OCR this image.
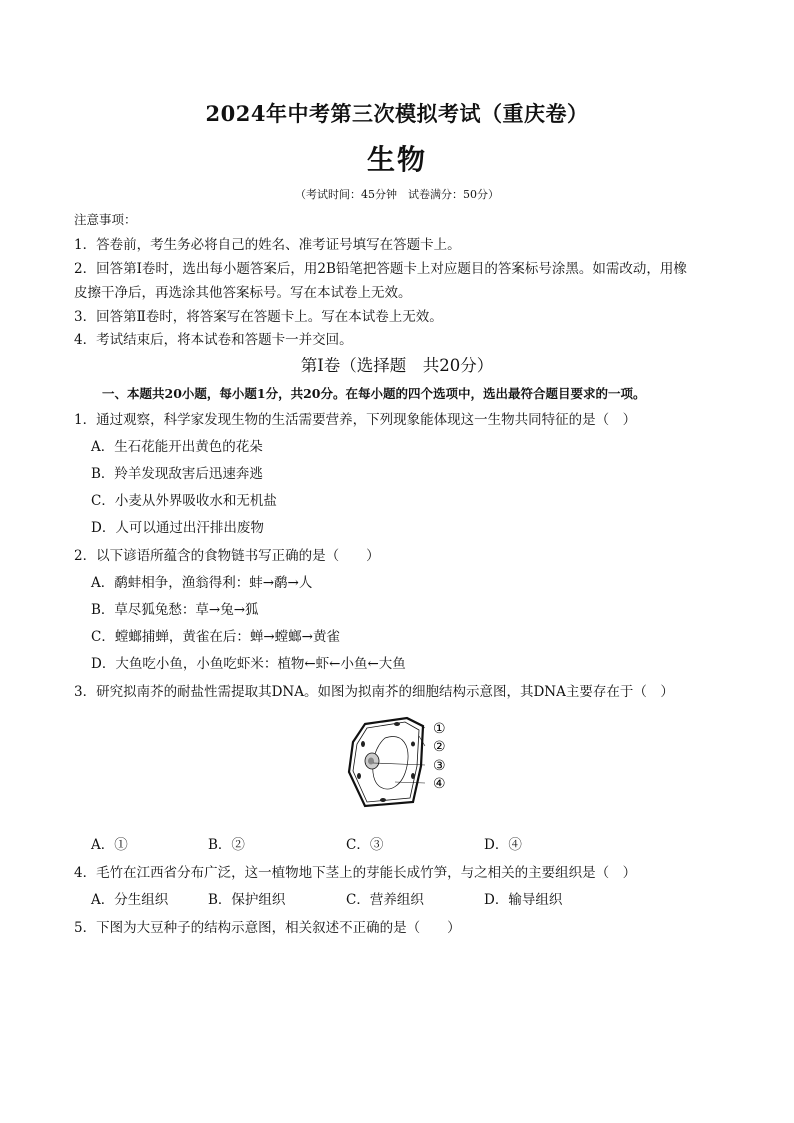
2024年中考第三次模拟考试（重庆卷）
生物
（考试时间：45分钟　试卷满分：50分）
注意事项：
1．答卷前，考生务必将自己的姓名、准考证号填写在答题卡上。
2．回答第Ⅰ卷时，选出每小题答案后，用2B铅笔把答题卡上对应题目的答案标号涂黑。如需改动，用橡
皮擦干净后，再选涂其他答案标号。写在本试卷上无效。
3．回答第Ⅱ卷时，将答案写在答题卡上。写在本试卷上无效。
4．考试结束后，将本试卷和答题卡一并交回。
第Ⅰ卷（选择题　共20分）
一、本题共20小题，每小题1分，共20分。在每小题的四个选项中，选出最符合题目要求的一项。
1．通过观察，科学家发现生物的生活需要营养，下列现象能体现这一生物共同特征的是（　）
A．生石花能开出黄色的花朵
B．羚羊发现敌害后迅速奔逃
C．小麦从外界吸收水和无机盐
D．人可以通过出汗排出废物
2．以下谚语所蕴含的食物链书写正确的是（　　）
A．鹬蚌相争，渔翁得利：蚌→鹬→人
B．草尽狐兔愁：草→兔→狐
C．螳螂捕蝉，黄雀在后：蝉→螳螂→黄雀
D．大鱼吃小鱼，小鱼吃虾米：植物←虾←小鱼←大鱼
3．研究拟南芥的耐盐性需提取其DNA。如图为拟南芥的细胞结构示意图，其DNA主要存在于（　）
①
②
③
④
A．①	B．②	C．③	D．④
4．毛竹在江西省分布广泛，这一植物地下茎上的芽能长成竹笋，与之相关的主要组织是（　）
A．分生组织	B．保护组织	C．营养组织	D．输导组织
5．下图为大豆种子的结构示意图，相关叙述不正确的是（　　）
